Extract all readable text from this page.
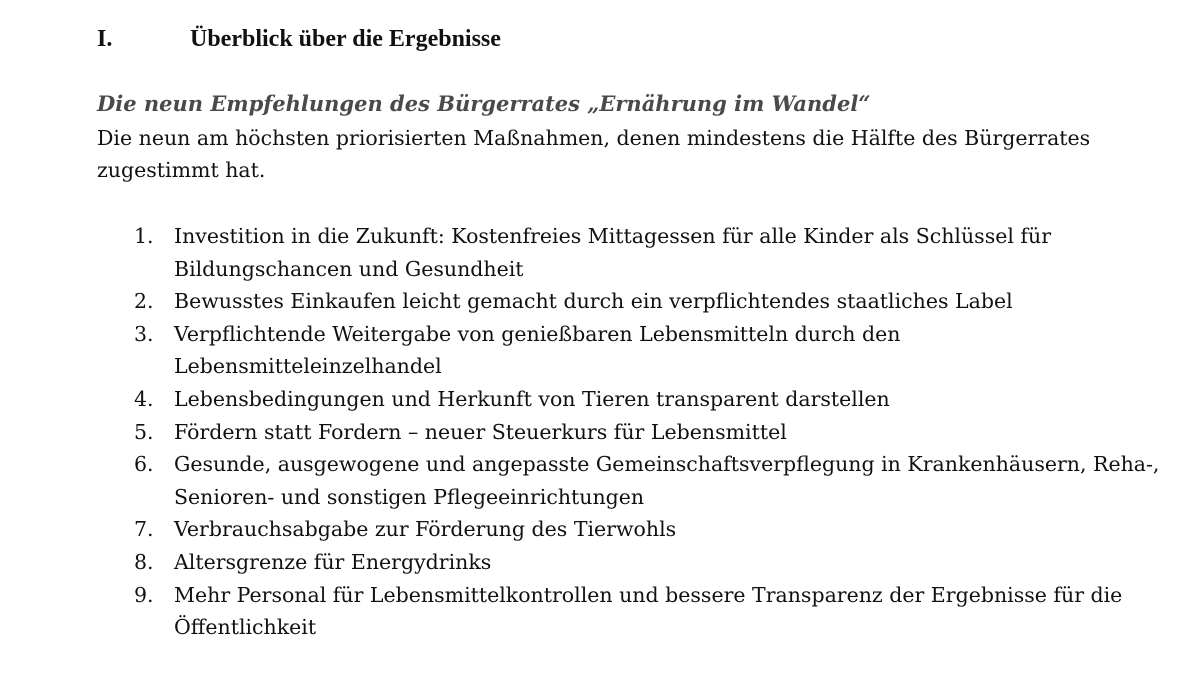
I.	Überblick über die Ergebnisse
Die neun Empfehlungen des Bürgerrates „Ernährung im Wandel“

Die neun am höchsten priorisierten Maßnahmen, denen mindestens die Hälfte des Bürgerrates zugestimmt hat.

1. Investition in die Zukunft: Kostenfreies Mittagessen für alle Kinder als Schlüssel für Bildungschancen und Gesundheit
2. Bewusstes Einkaufen leicht gemacht durch ein verpflichtendes staatliches Label
3. Verpflichtende Weitergabe von genießbaren Lebensmitteln durch den Lebensmitteleinzelhandel
4. Lebensbedingungen und Herkunft von Tieren transparent darstellen
5. Fördern statt Fordern – neuer Steuerkurs für Lebensmittel
6. Gesunde, ausgewogene und angepasste Gemeinschaftsverpflegung in Krankenhäusern, Reha-, Senioren- und sonstigen Pflegeeinrichtungen
7. Verbrauchsabgabe zur Förderung des Tierwohls
8. Altersgrenze für Energydrinks
9. Mehr Personal für Lebensmittelkontrollen und bessere Transparenz der Ergebnisse für die Öffentlichkeit
